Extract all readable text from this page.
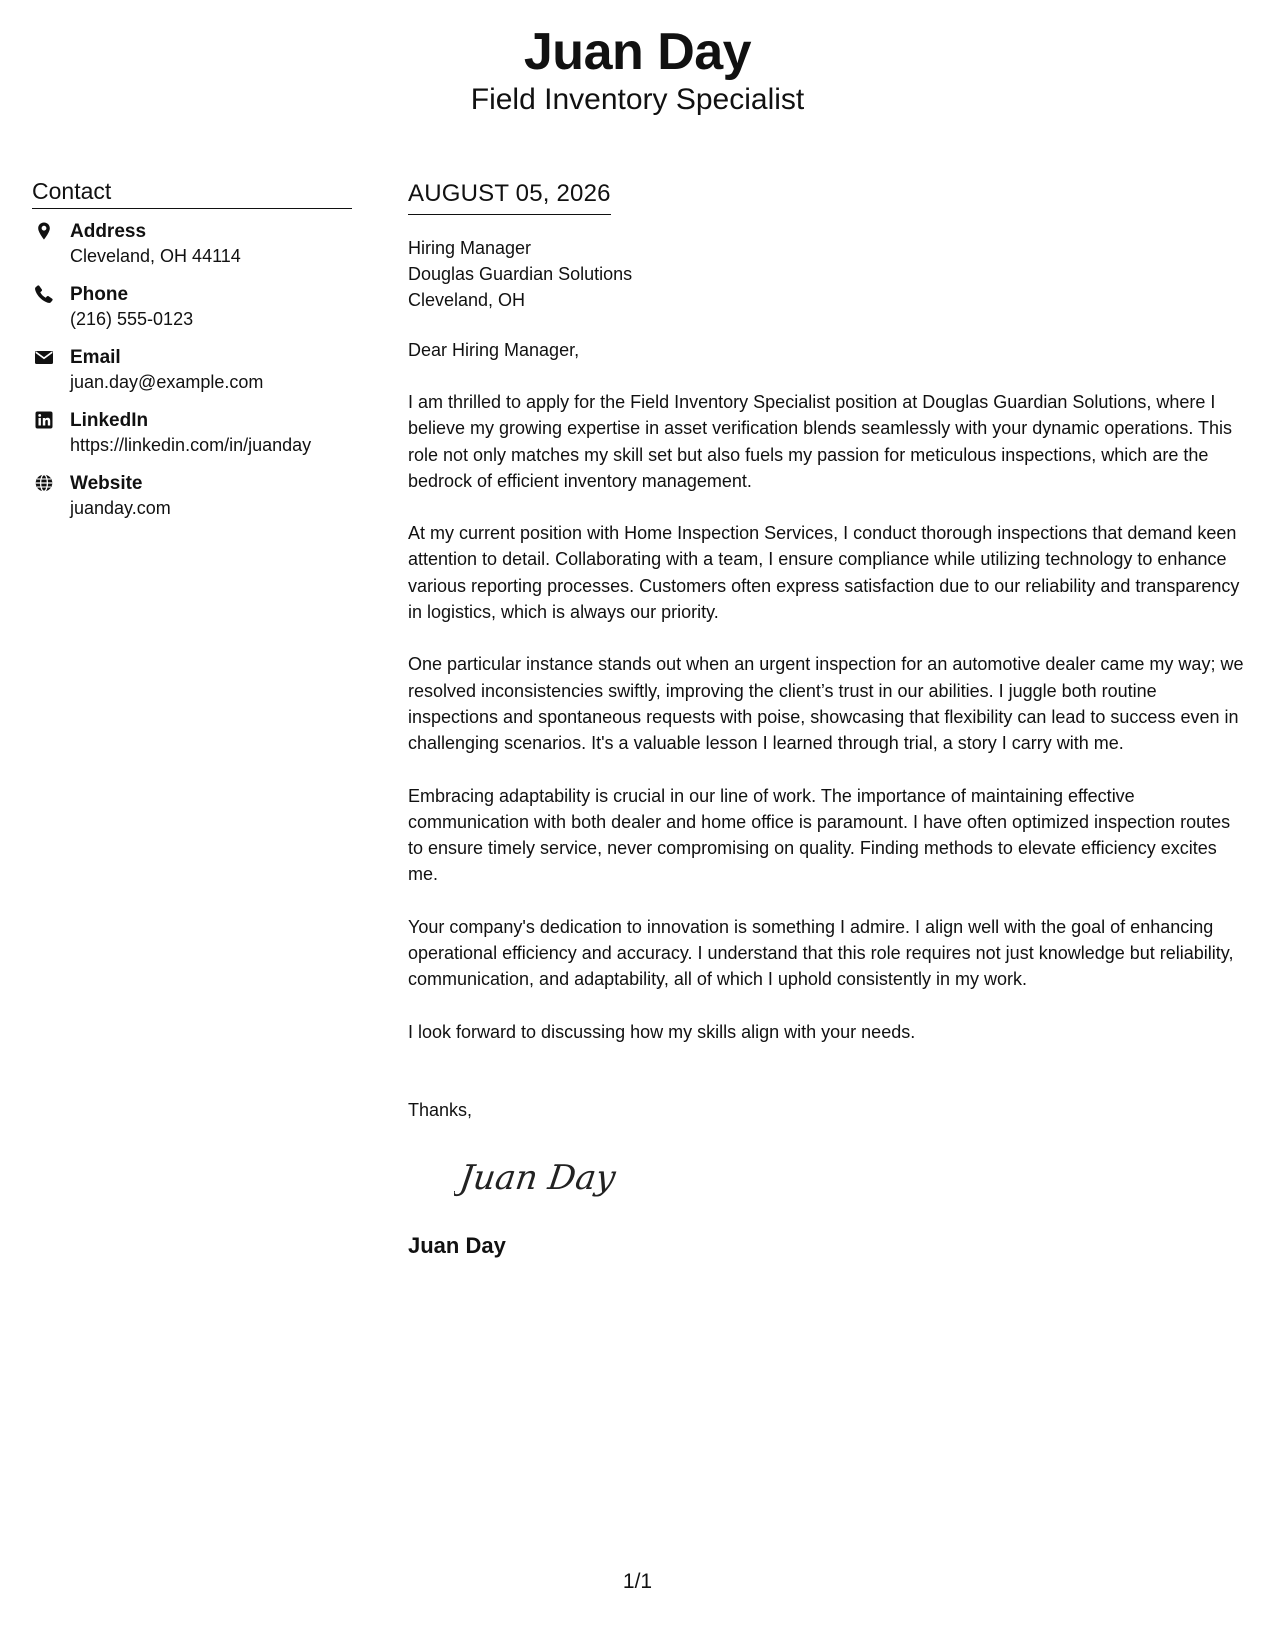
Juan Day
Field Inventory Specialist
Contact
Address
Cleveland, OH 44114
Phone
(216) 555-0123
Email
juan.day@example.com
LinkedIn
https://linkedin.com/in/juanday
Website
juanday.com
AUGUST 05, 2026
Hiring Manager
Douglas Guardian Solutions
Cleveland, OH
Dear Hiring Manager,
I am thrilled to apply for the Field Inventory Specialist position at Douglas Guardian Solutions, where I believe my growing expertise in asset verification blends seamlessly with your dynamic operations. This role not only matches my skill set but also fuels my passion for meticulous inspections, which are the bedrock of efficient inventory management.
At my current position with Home Inspection Services, I conduct thorough inspections that demand keen attention to detail. Collaborating with a team, I ensure compliance while utilizing technology to enhance various reporting processes. Customers often express satisfaction due to our reliability and transparency in logistics, which is always our priority.
One particular instance stands out when an urgent inspection for an automotive dealer came my way; we resolved inconsistencies swiftly, improving the client’s trust in our abilities. I juggle both routine inspections and spontaneous requests with poise, showcasing that flexibility can lead to success even in challenging scenarios. It's a valuable lesson I learned through trial, a story I carry with me.
Embracing adaptability is crucial in our line of work. The importance of maintaining effective communication with both dealer and home office is paramount. I have often optimized inspection routes to ensure timely service, never compromising on quality. Finding methods to elevate efficiency excites me.
Your company's dedication to innovation is something I admire. I align well with the goal of enhancing operational efficiency and accuracy. I understand that this role requires not just knowledge but reliability, communication, and adaptability, all of which I uphold consistently in my work.
I look forward to discussing how my skills align with your needs.
Thanks,
Juan Day
Juan Day
1/1
